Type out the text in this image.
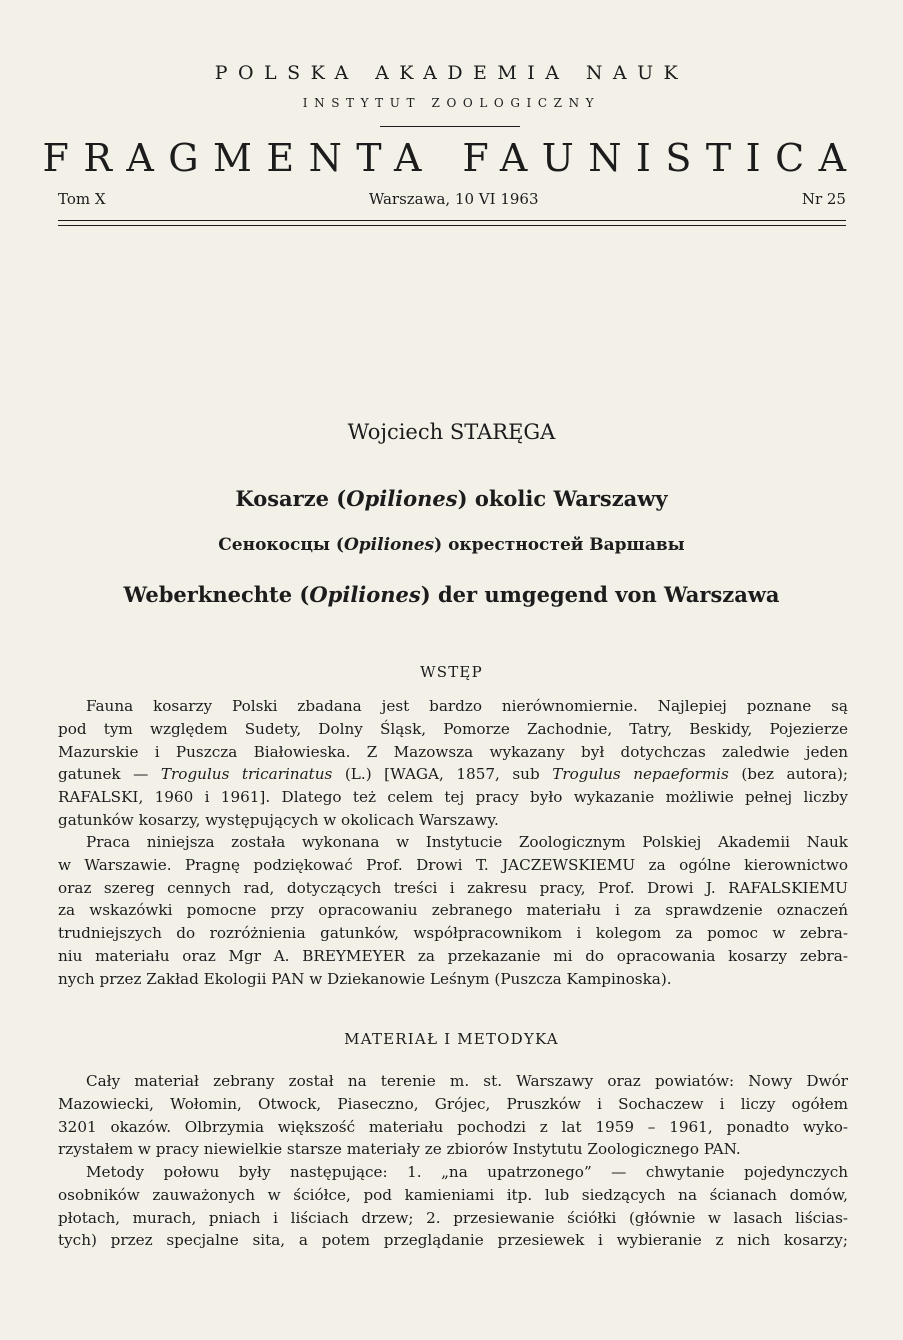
POLSKA AKADEMIA NAUK
INSTYTUT ZOOLOGICZNY
FRAGMENTA FAUNISTICA
Tom X	Warszawa, 10 VI 1963	Nr 25
Wojciech STARĘGA
Kosarze (Opiliones) okolic Warszawy
Сенокосцы (Opiliones) окрестностей Варшавы
Weberknechte (Opiliones) der umgegend von Warszawa
WSTĘP
Fauna kosarzy Polski zbadana jest bardzo nierównomiernie. Najlepiej poznane są
pod tym względem Sudety, Dolny Śląsk, Pomorze Zachodnie, Tatry, Beskidy, Pojezierze
Mazurskie i Puszcza Białowieska. Z Mazowsza wykazany był dotychczas zaledwie jeden
gatunek — Trogulus tricarinatus (L.) [WAGA, 1857, sub Trogulus nepaeformis (bez autora);
RAFALSKI, 1960 i 1961]. Dlatego też celem tej pracy było wykazanie możliwie pełnej liczby
gatunków kosarzy, występujących w okolicach Warszawy.
Praca niniejsza została wykonana w Instytucie Zoologicznym Polskiej Akademii Nauk
w Warszawie. Pragnę podziękować Prof. Drowi T. JACZEWSKIEMU za ogólne kierownictwo
oraz szereg cennych rad, dotyczących treści i zakresu pracy, Prof. Drowi J. RAFALSKIEMU
za wskazówki pomocne przy opracowaniu zebranego materiału i za sprawdzenie oznaczeń
trudniejszych do rozróżnienia gatunków, współpracownikom i kolegom za pomoc w zebra-
niu materiału oraz Mgr A. BREYMEYER za przekazanie mi do opracowania kosarzy zebra-
nych przez Zakład Ekologii PAN w Dziekanowie Leśnym (Puszcza Kampinoska).
MATERIAŁ I METODYKA
Cały materiał zebrany został na terenie m. st. Warszawy oraz powiatów: Nowy Dwór
Mazowiecki, Wołomin, Otwock, Piaseczno, Grójec, Pruszków i Sochaczew i liczy ogółem
3201 okazów. Olbrzymia większość materiału pochodzi z lat 1959 – 1961, ponadto wyko-
rzystałem w pracy niewielkie starsze materiały ze zbiorów Instytutu Zoologicznego PAN.
Metody połowu były następujące: 1. „na upatrzonego” — chwytanie pojedynczych
osobników zauważonych w ściółce, pod kamieniami itp. lub siedzących na ścianach domów,
płotach, murach, pniach i liściach drzew; 2. przesiewanie ściółki (głównie w lasach liścias-
tych) przez specjalne sita, a potem przeglądanie przesiewek i wybieranie z nich kosarzy;
